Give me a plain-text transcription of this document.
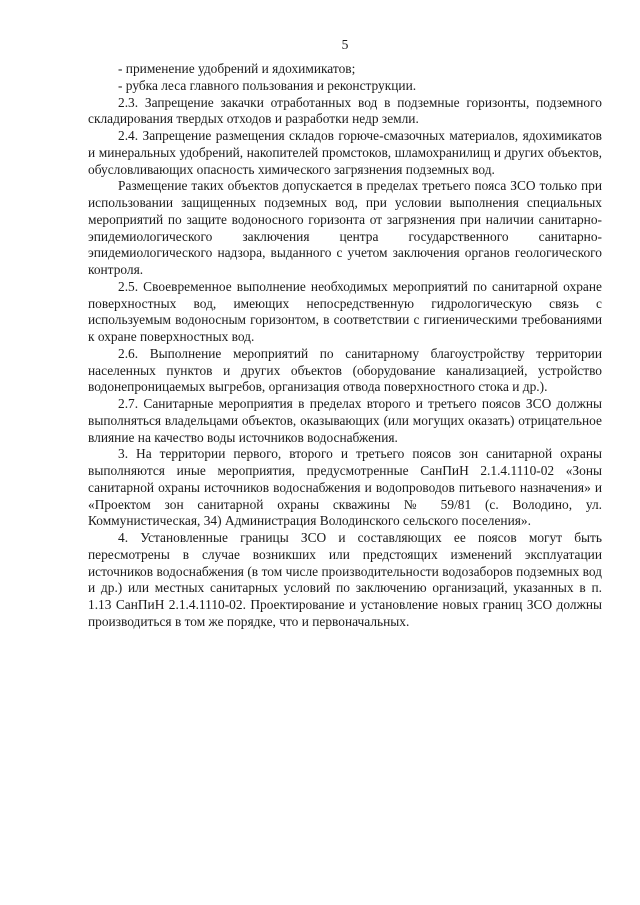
5

- применение удобрений и ядохимикатов;

- рубка леса главного пользования и реконструкции.

2.3. Запрещение закачки отработанных вод в подземные горизонты, подземного складирования твердых отходов и разработки недр земли.

2.4. Запрещение размещения складов горюче-смазочных материалов, ядохимикатов и минеральных удобрений, накопителей промстоков, шламохранилищ и других объектов, обусловливающих опасность химического загрязнения подземных вод.

Размещение таких объектов допускается в пределах третьего пояса ЗСО только при использовании защищенных подземных вод, при условии выполнения специальных мероприятий по защите водоносного горизонта от загрязнения при наличии санитарно-эпидемиологического заключения центра государственного санитарно-эпидемиологического надзора, выданного с учетом заключения органов геологического контроля.

2.5. Своевременное выполнение необходимых мероприятий по санитарной охране поверхностных вод, имеющих непосредственную гидрологическую связь с используемым водоносным горизонтом, в соответствии с гигиеническими требованиями к охране поверхностных вод.

2.6. Выполнение мероприятий по санитарному благоустройству территории населенных пунктов и других объектов (оборудование канализацией, устройство водонепроницаемых выгребов, организация отвода поверхностного стока и др.).

2.7. Санитарные мероприятия в пределах второго и третьего поясов ЗСО должны выполняться владельцами объектов, оказывающих (или могущих оказать) отрицательное влияние на качество воды источников водоснабжения.

3. На территории первого, второго и третьего поясов зон санитарной охраны выполняются иные мероприятия, предусмотренные СанПиН 2.1.4.1110-02 «Зоны санитарной охраны источников водоснабжения и водопроводов питьевого назначения» и «Проектом зон санитарной охраны скважины № 59/81 (с. Володино, ул. Коммунистическая, 34) Администрация Володинского сельского поселения».

4. Установленные границы ЗСО и составляющих ее поясов могут быть пересмотрены в случае возникших или предстоящих изменений эксплуатации источников водоснабжения (в том числе производительности водозаборов подземных вод и др.) или местных санитарных условий по заключению организаций, указанных в п. 1.13 СанПиН 2.1.4.1110-02. Проектирование и установление новых границ ЗСО должны производиться в том же порядке, что и первоначальных.
